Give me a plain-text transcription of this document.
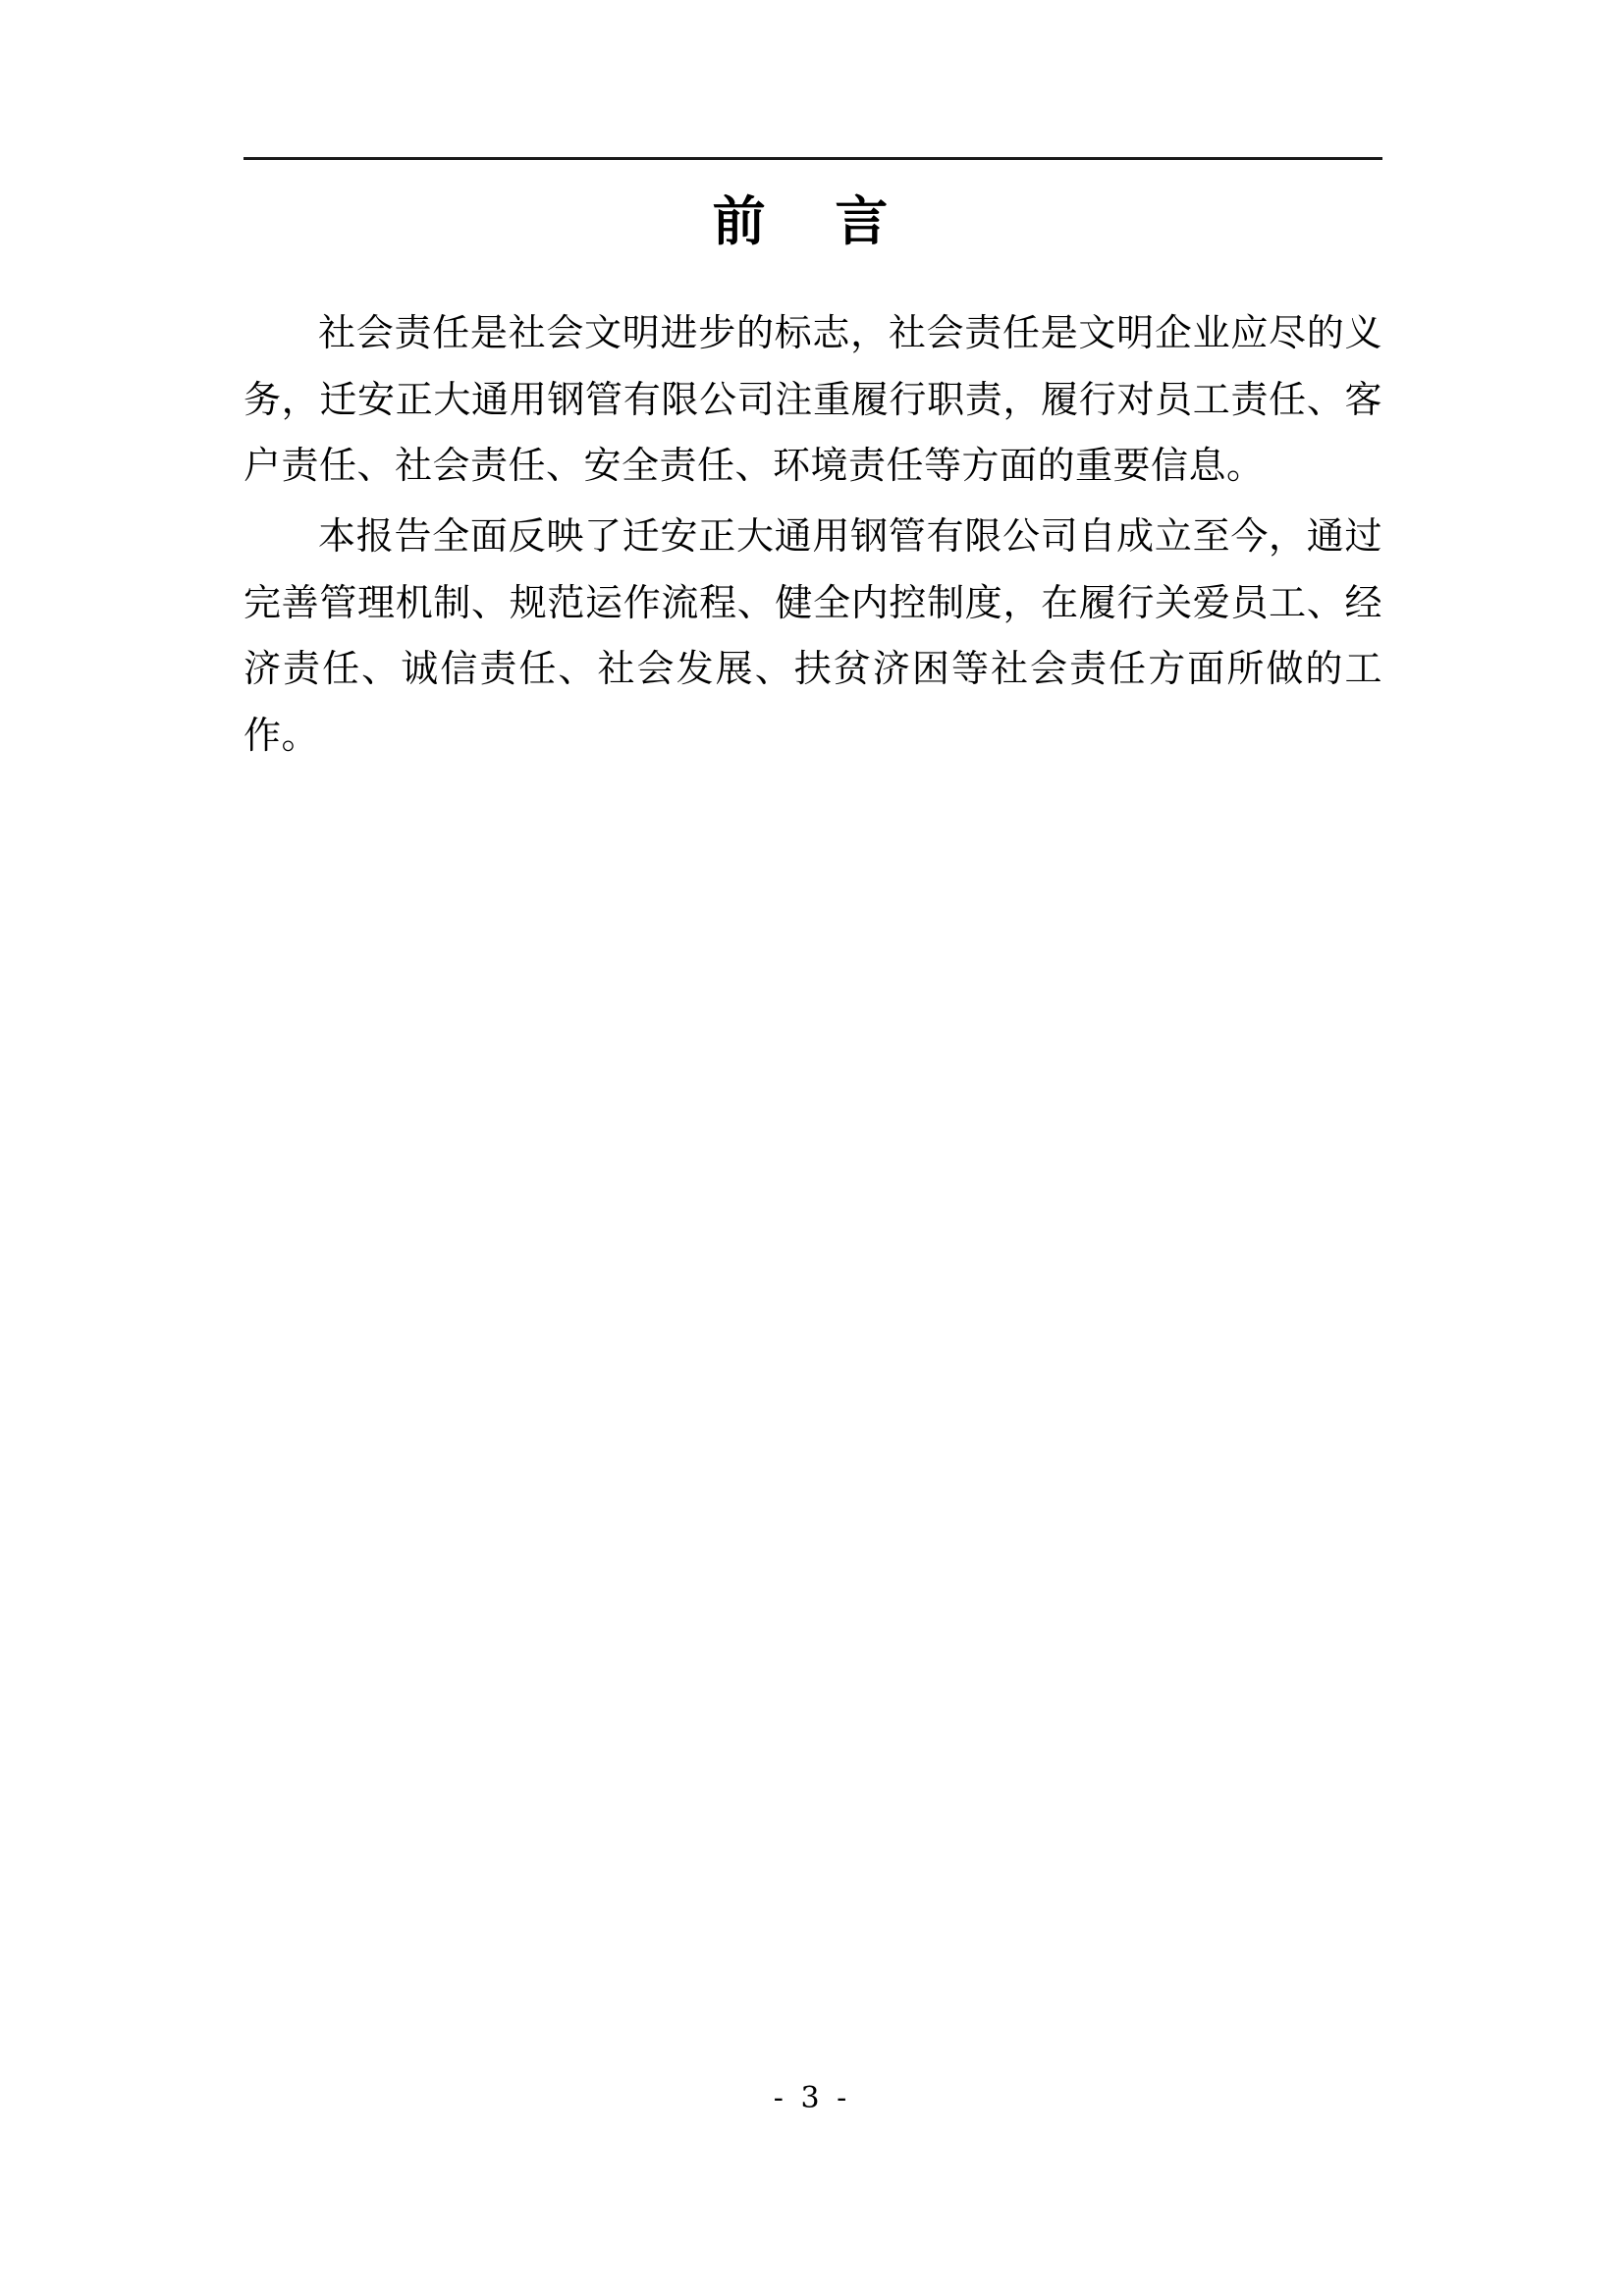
前 言

社会责任是社会文明进步的标志，社会责任是文明企业应尽的义务，迁安正大通用钢管有限公司注重履行职责，履行对员工责任、客户责任、社会责任、安全责任、环境责任等方面的重要信息。

本报告全面反映了迁安正大通用钢管有限公司自成立至今，通过完善管理机制、规范运作流程、健全内控制度，在履行关爱员工、经济责任、诚信责任、社会发展、扶贫济困等社会责任方面所做的工作。

- 3 -
